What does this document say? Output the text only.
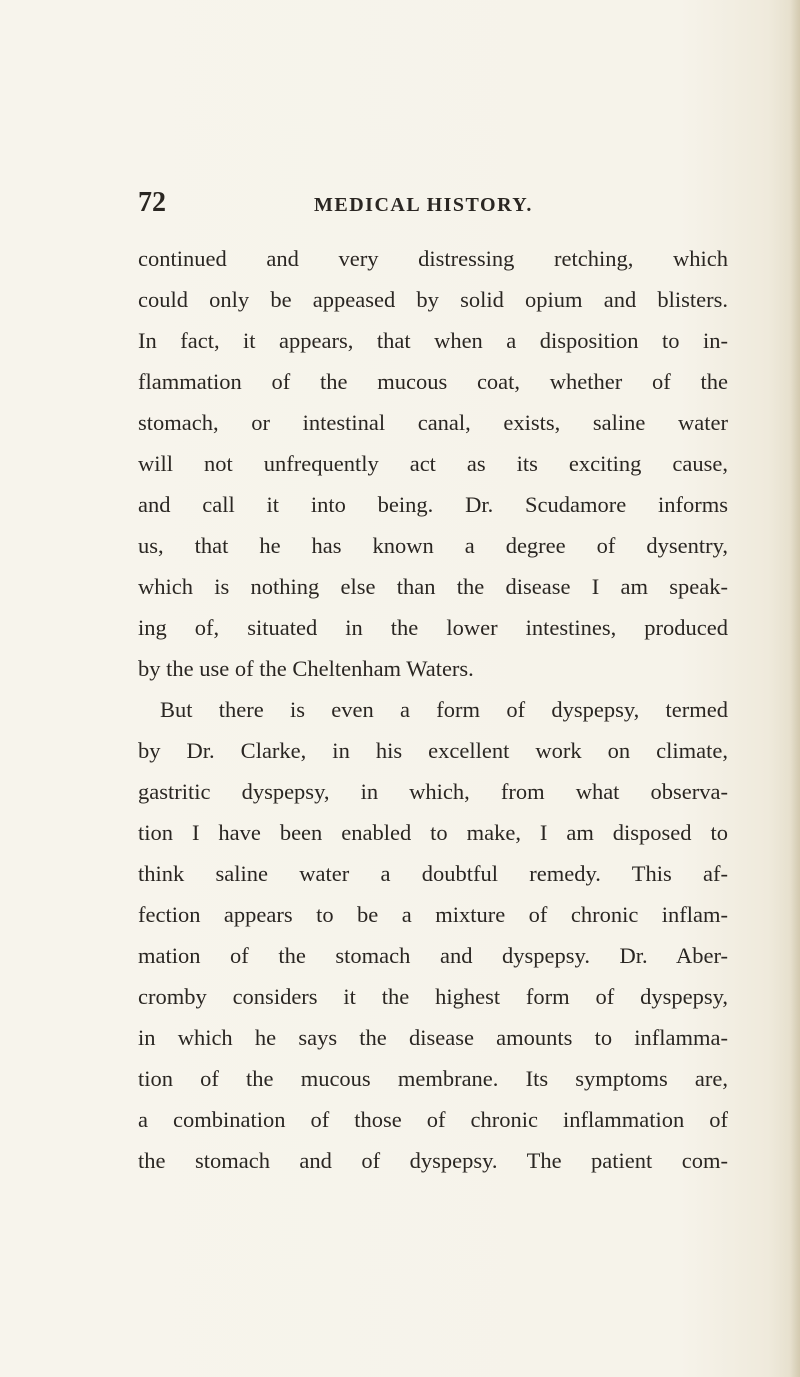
72	MEDICAL HISTORY.
continued and very distressing retching, which
could only be appeased by solid opium and blisters.
In fact, it appears, that when a disposition to in-
flammation of the mucous coat, whether of the
stomach, or intestinal canal, exists, saline water
will not unfrequently act as its exciting cause,
and call it into being. Dr. Scudamore informs
us, that he has known a degree of dysentry,
which is nothing else than the disease I am speak-
ing of, situated in the lower intestines, produced
by the use of the Cheltenham Waters.
But there is even a form of dyspepsy, termed
by Dr. Clarke, in his excellent work on climate,
gastritic dyspepsy, in which, from what observa-
tion I have been enabled to make, I am disposed to
think saline water a doubtful remedy. This af-
fection appears to be a mixture of chronic inflam-
mation of the stomach and dyspepsy. Dr. Aber-
cromby considers it the highest form of dyspepsy,
in which he says the disease amounts to inflamma-
tion of the mucous membrane. Its symptoms are,
a combination of those of chronic inflammation of
the stomach and of dyspepsy. The patient com-
